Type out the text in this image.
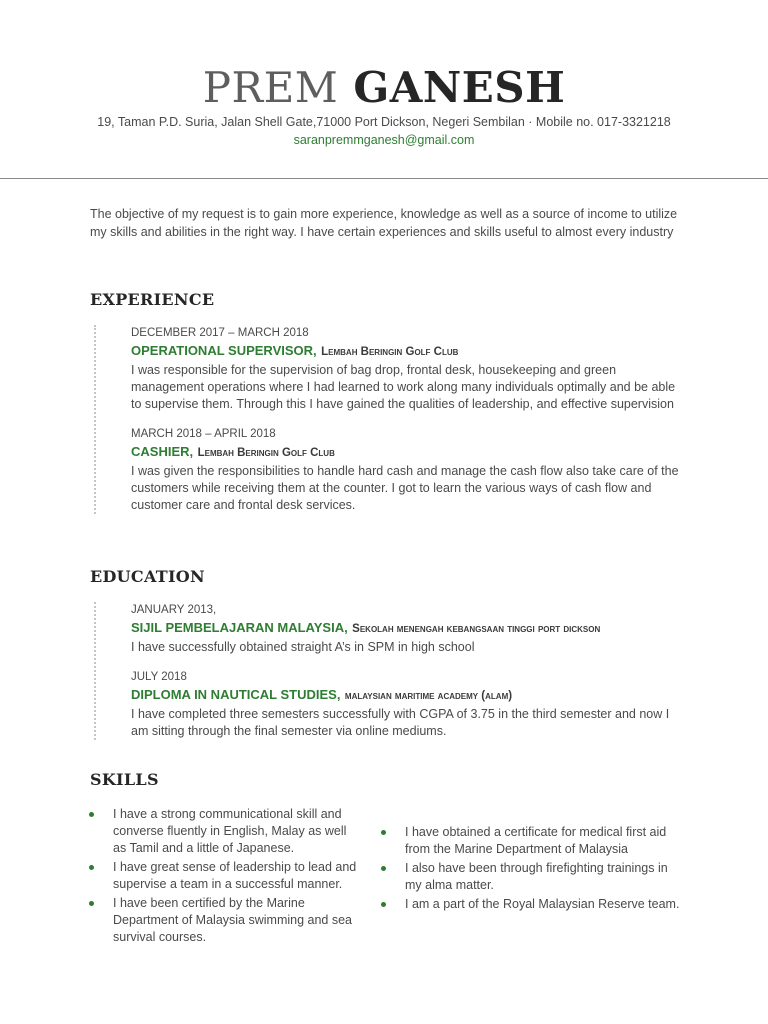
PREM GANESH
19, Taman P.D. Suria, Jalan Shell Gate,71000 Port Dickson, Negeri Sembilan · Mobile no. 017-3321218
saranpremmganesh@gmail.com

The objective of my request is to gain more experience, knowledge as well as a source of income to utilize my skills and abilities in the right way. I have certain experiences and skills useful to almost every industry

EXPERIENCE
DECEMBER 2017 – MARCH 2018
OPERATIONAL SUPERVISOR, Lembah Beringin Golf Club
I was responsible for the supervision of bag drop, frontal desk, housekeeping and green management operations where I had learned to work along many individuals optimally and be able to supervise them. Through this I have gained the qualities of leadership, and effective supervision
MARCH 2018 – APRIL 2018
CASHIER, Lembah Beringin Golf Club
I was given the responsibilities to handle hard cash and manage the cash flow also take care of the customers while receiving them at the counter. I got to learn the various ways of cash flow and customer care and frontal desk services.
EDUCATION
JANUARY 2013,
SIJIL PEMBELAJARAN MALAYSIA, Sekolah menengah kebangsaan tinggi port dickson
I have successfully obtained straight A’s in SPM in high school
JULY 2018
DIPLOMA IN NAUTICAL STUDIES, malaysian maritime academy (alam)
I have completed three semesters successfully with CGPA of 3.75 in the third semester and now I am sitting through the final semester via online mediums.
SKILLS
I have a strong communicational skill and converse fluently in English, Malay as well as Tamil and a little of Japanese.
I have great sense of leadership to lead and supervise a team in a successful manner.
I have been certified by the Marine Department of Malaysia swimming and sea survival courses.
I have obtained a certificate for medical first aid from the Marine Department of Malaysia
I also have been through firefighting trainings in my alma matter.
I am a part of the Royal Malaysian Reserve team.
